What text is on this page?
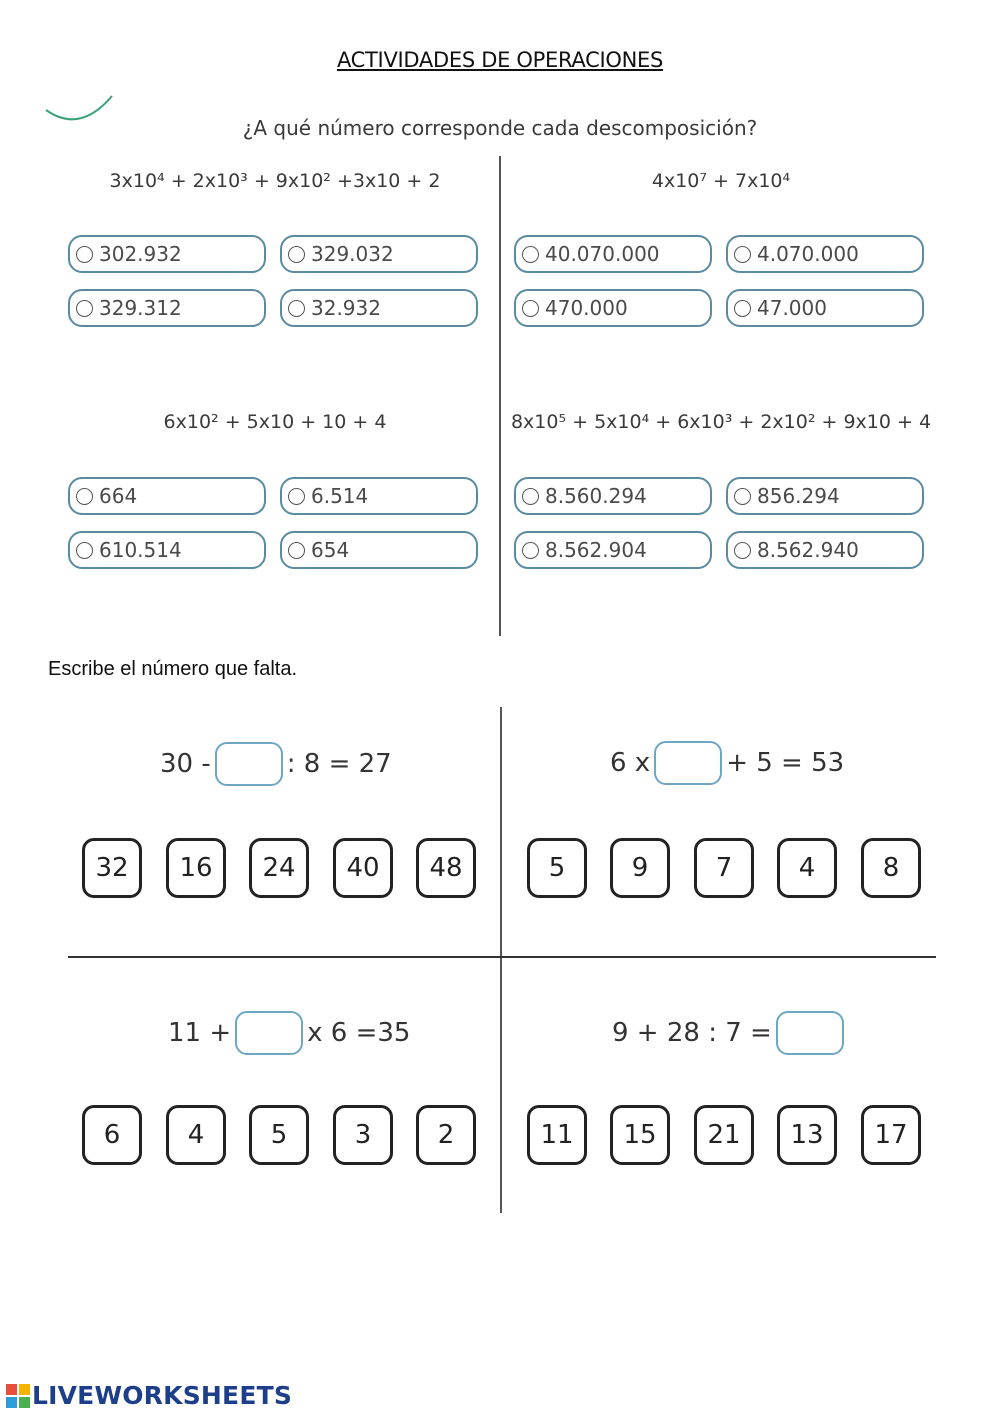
ACTIVIDADES DE OPERACIONES
¿A qué número corresponde cada descomposición?
3x10⁴ + 2x10³ + 9x10² +3x10 + 2
302.932	329.032
329.312	32.932
4x10⁷ + 7x10⁴
40.070.000	4.070.000
470.000	47.000
6x10² + 5x10 + 10 + 4
664	6.514
610.514	654
8x10⁵ + 5x10⁴ + 6x10³ + 2x10² + 9x10 + 4
8.560.294	856.294
8.562.904	8.562.940
Escribe el número que falta.
30 -	: 8 = 27
32	16	24	40	48
6 x	+ 5 = 53
5	9	7	4	8
11 +	x 6 =35
6	4	5	3	2
9 + 28 : 7 =
11	15	21	13	17
LIVEWORKSHEETS
